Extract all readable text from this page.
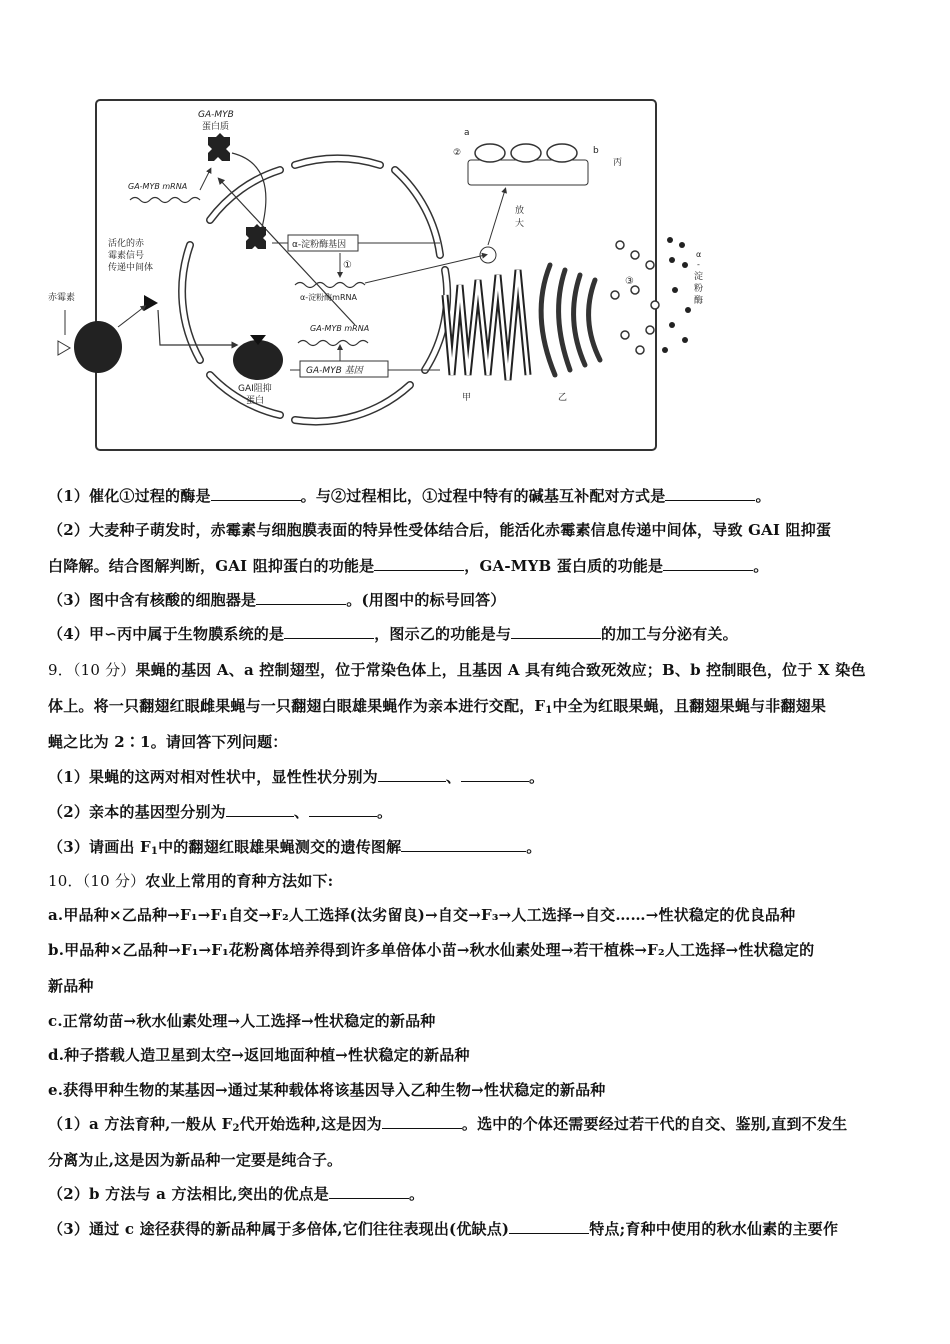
GA-MYB
蛋白质
GA-MYB mRNA
α-淀粉酶基因
①
α-淀粉酶mRNA
GA-MYB mRNA
GA-MYB 基因
GAI阻抑
蛋白
活化的赤
霉素信号
传递中间体
赤霉素
甲	乙
③
α
-
淀
粉
酶
放
大
a
②	b
丙
（1）催化①过程的酶是	。与②过程相比，①过程中特有的碱基互补配对方式是	。
（2）大麦种子萌发时，赤霉素与细胞膜表面的特异性受体结合后，能活化赤霉素信息传递中间体，导致 GAI 阻抑蛋
白降解。结合图解判断，GAI 阻抑蛋白的功能是	，GA-MYB 蛋白质的功能是	。
（3）图中含有核酸的细胞器是	。(用图中的标号回答）
（4）甲∽丙中属于生物膜系统的是	，图示乙的功能是与	的加工与分泌有关。
9．（10 分）果蝇的基因 A、a 控制翅型，位于常染色体上，且基因 A 具有纯合致死效应；B、b 控制眼色，位于 X 染色
体上。将一只翻翅红眼雌果蝇与一只翻翅白眼雄果蝇作为亲本进行交配，$F_1$中全为红眼果蝇，且翻翅果蝇与非翻翅果
蝇之比为 2∶1。请回答下列问题：
（1）果蝇的这两对相对性状中，显性性状分别为	、	。
（2）亲本的基因型分别为	、	。
（3）请画出 $F_1$中的翻翅红眼雄果蝇测交的遗传图解	。
10．（10 分）农业上常用的育种方法如下:
a.甲品种×乙品种→F₁→F₁自交→F₂人工选择(汰劣留良)→自交→F₃→人工选择→自交……→性状稳定的优良品种
b.甲品种×乙品种→F₁→F₁花粉离体培养得到许多单倍体小苗→秋水仙素处理→若干植株→F₂人工选择→性状稳定的
新品种
c.正常幼苗→秋水仙素处理→人工选择→性状稳定的新品种
d.种子搭载人造卫星到太空→返回地面种植→性状稳定的新品种
e.获得甲种生物的某基因→通过某种载体将该基因导入乙种生物→性状稳定的新品种
（1）a 方法育种,一般从 $F_2$代开始选种,这是因为	。选中的个体还需要经过若干代的自交、鉴别,直到不发生
分离为止,这是因为新品种一定要是纯合子。
（2）b 方法与 a 方法相比,突出的优点是	。
（3）通过 c 途径获得的新品种属于多倍体,它们往往表现出(优缺点)	特点;育种中使用的秋水仙素的主要作
